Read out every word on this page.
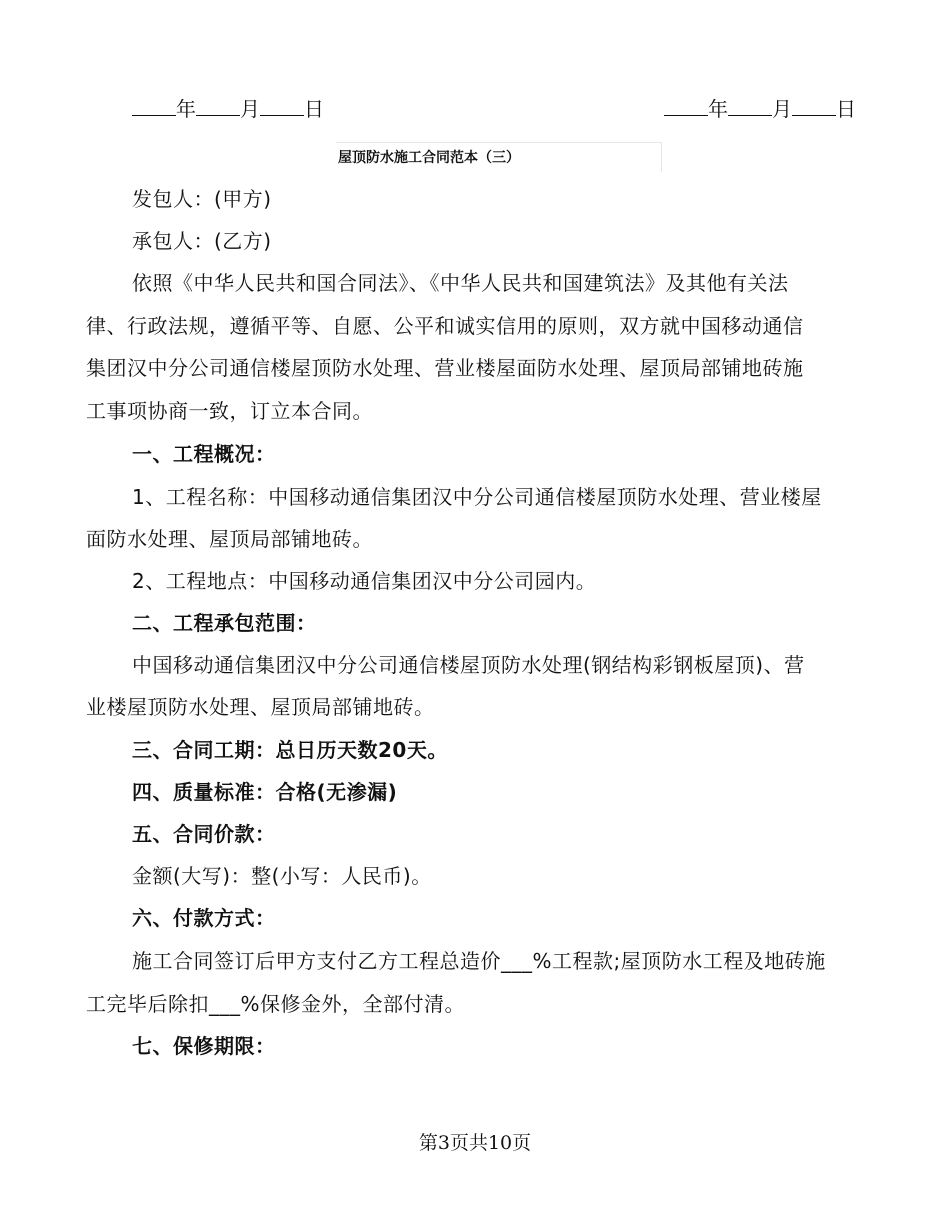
年 月 日	年 月 日
屋顶防水施工合同范本（三）
发包人：(甲方)
承包人：(乙方)
依照《中华人民共和国合同法》、《中华人民共和国建筑法》及其他有关法
律、行政法规，遵循平等、自愿、公平和诚实信用的原则，双方就中国移动通信
集团汉中分公司通信楼屋顶防水处理、营业楼屋面防水处理、屋顶局部铺地砖施
工事项协商一致，订立本合同。
一、工程概况：
1、工程名称：中国移动通信集团汉中分公司通信楼屋顶防水处理、营业楼屋
面防水处理、屋顶局部铺地砖。
2、工程地点：中国移动通信集团汉中分公司园内。
二、工程承包范围：
中国移动通信集团汉中分公司通信楼屋顶防水处理(钢结构彩钢板屋顶)、营
业楼屋顶防水处理、屋顶局部铺地砖。
三、合同工期：总日历天数20天。
四、质量标准：合格(无渗漏)
五、合同价款：
金额(大写)：整(小写：人民币)。
六、付款方式：
施工合同签订后甲方支付乙方工程总造价___%工程款;屋顶防水工程及地砖施
工完毕后除扣___%保修金外，全部付清。
七、保修期限：
第3页共10页
